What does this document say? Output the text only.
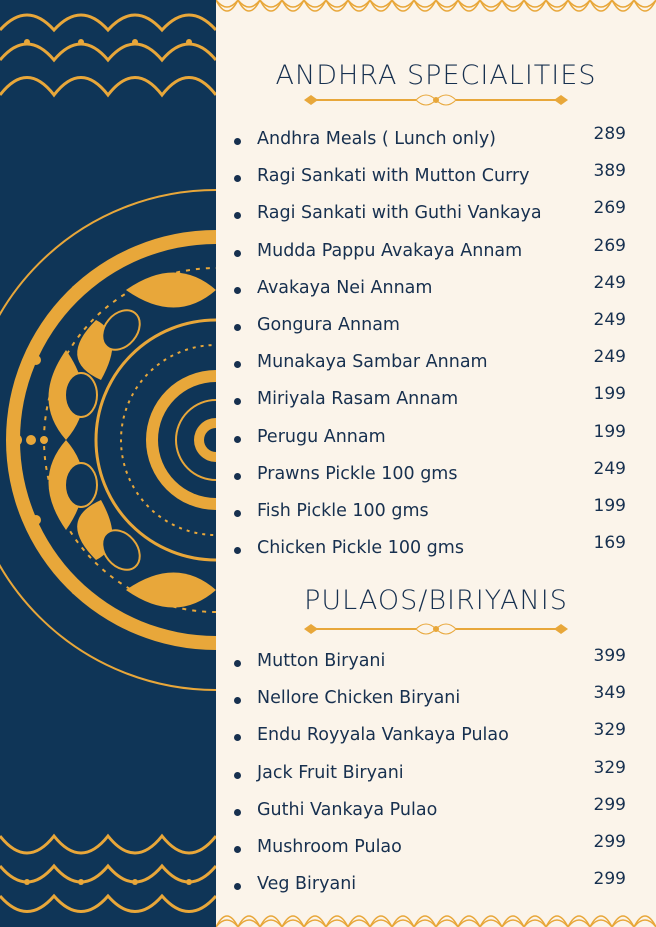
ANDHRA SPECIALITIES
Andhra Meals ( Lunch only)	289
Ragi Sankati with Mutton Curry	389
Ragi Sankati with Guthi Vankaya	269
Mudda Pappu Avakaya Annam	269
Avakaya Nei Annam	249
Gongura Annam	249
Munakaya Sambar Annam	249
Miriyala Rasam Annam	199
Perugu Annam	199
Prawns Pickle 100 gms	249
Fish Pickle 100 gms	199
Chicken Pickle 100 gms	169
PULAOS/BIRIYANIS
Mutton Biryani	399
Nellore Chicken Biryani	349
Endu Royyala Vankaya Pulao	329
Jack Fruit Biryani	329
Guthi Vankaya Pulao	299
Mushroom Pulao	299
Veg Biryani	299
